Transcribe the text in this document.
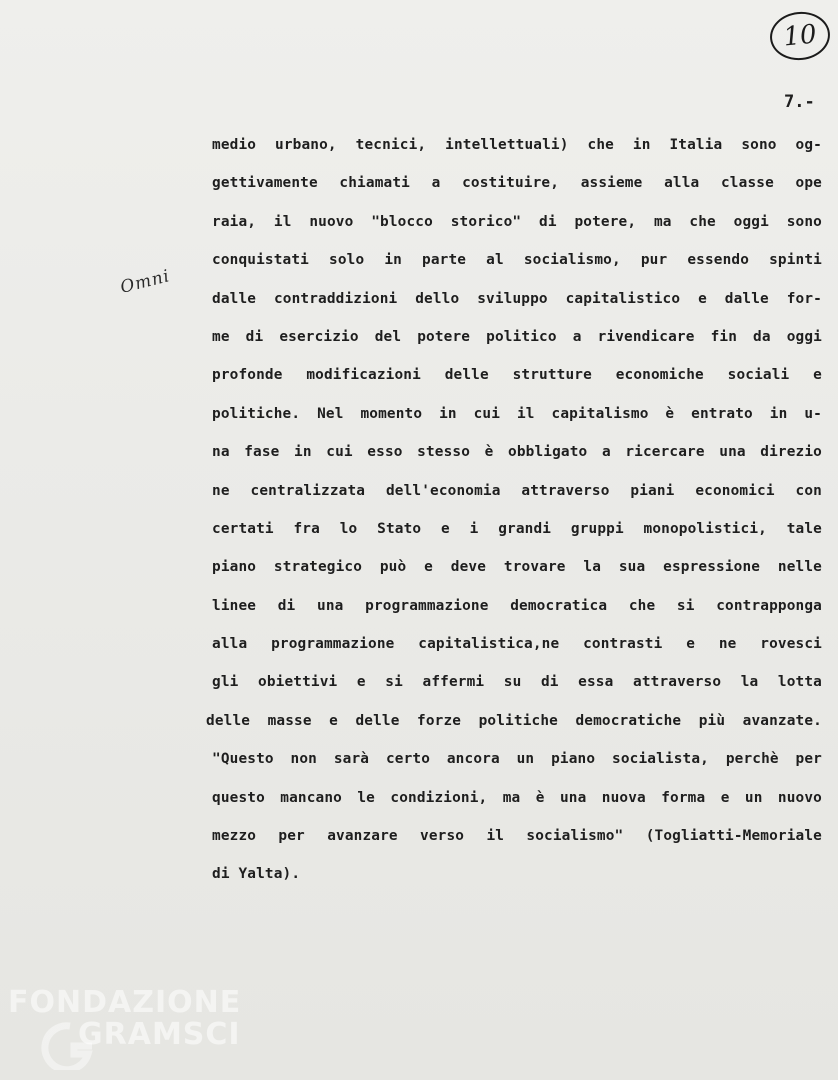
10
7.-
Omni
medio urbano, tecnici, intellettuali) che in Italia sono og-
gettivamente chiamati a costituire, assieme alla classe ope
raia, il nuovo "blocco storico" di potere, ma che oggi sono
conquistati solo in parte al socialismo, pur essendo spinti
dalle contraddizioni dello sviluppo capitalistico e dalle for-
me di esercizio del potere politico a rivendicare fin da oggi
profonde modificazioni delle strutture economiche sociali e
politiche. Nel momento in cui il capitalismo è entrato in u-
na fase in cui esso stesso è obbligato a ricercare una direzio
ne centralizzata dell'economia attraverso piani economici con
certati fra lo Stato e i grandi gruppi monopolistici, tale
piano strategico può e deve trovare la sua espressione nelle
linee di una programmazione democratica che si contrapponga
alla programmazione capitalistica,ne contrasti e ne rovesci
gli obiettivi e si affermi su di essa attraverso la lotta
delle masse e delle forze politiche democratiche più avanzate.
"Questo non sarà certo ancora un piano socialista, perchè per
questo mancano le condizioni, ma è una nuova forma e un nuovo
mezzo per avanzare verso il socialismo" (Togliatti-Memoriale
di Yalta).
FONDAZIONE
GRAMSCI
